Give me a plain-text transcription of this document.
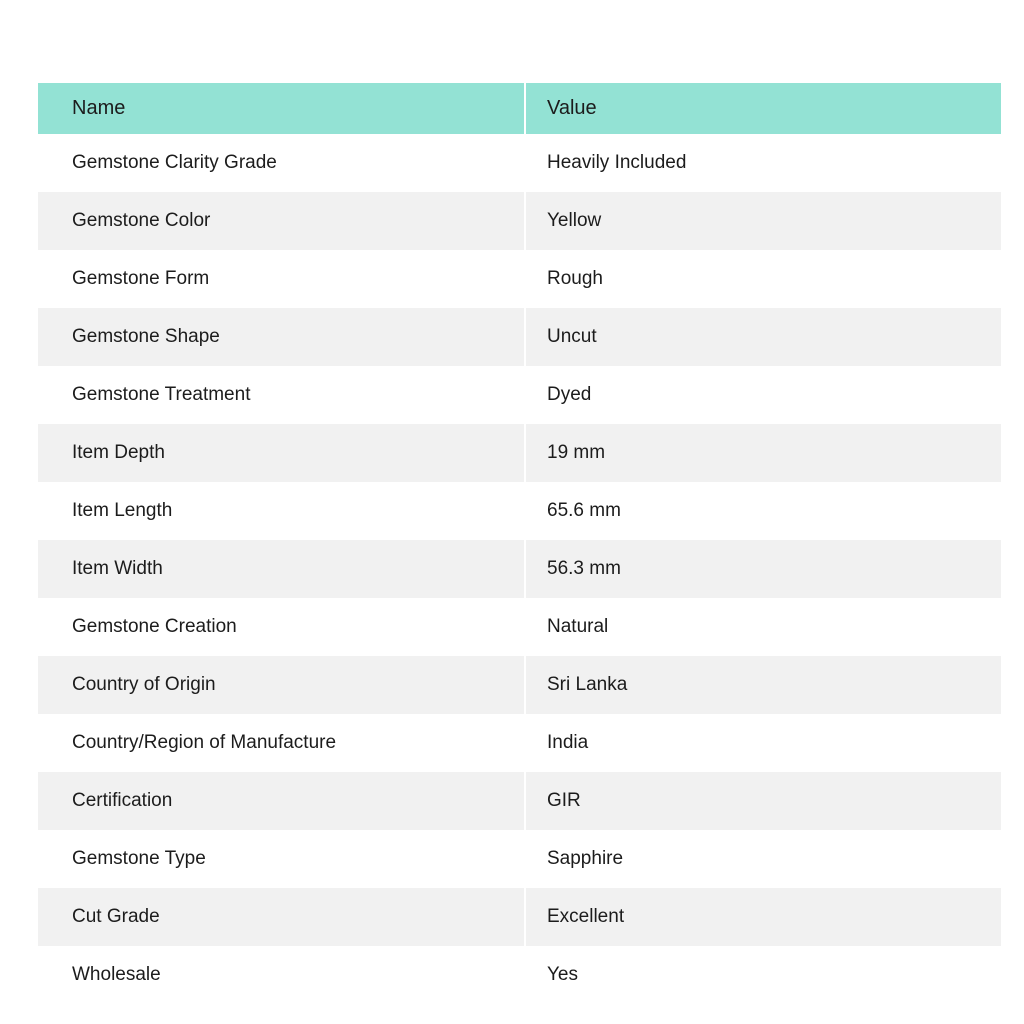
Name	Value
Gemstone Clarity Grade	Heavily Included
Gemstone Color	Yellow
Gemstone Form	Rough
Gemstone Shape	Uncut
Gemstone Treatment	Dyed
Item Depth	19 mm
Item Length	65.6 mm
Item Width	56.3 mm
Gemstone Creation	Natural
Country of Origin	Sri Lanka
Country/Region of Manufacture	India
Certification	GIR
Gemstone Type	Sapphire
Cut Grade	Excellent
Wholesale	Yes
